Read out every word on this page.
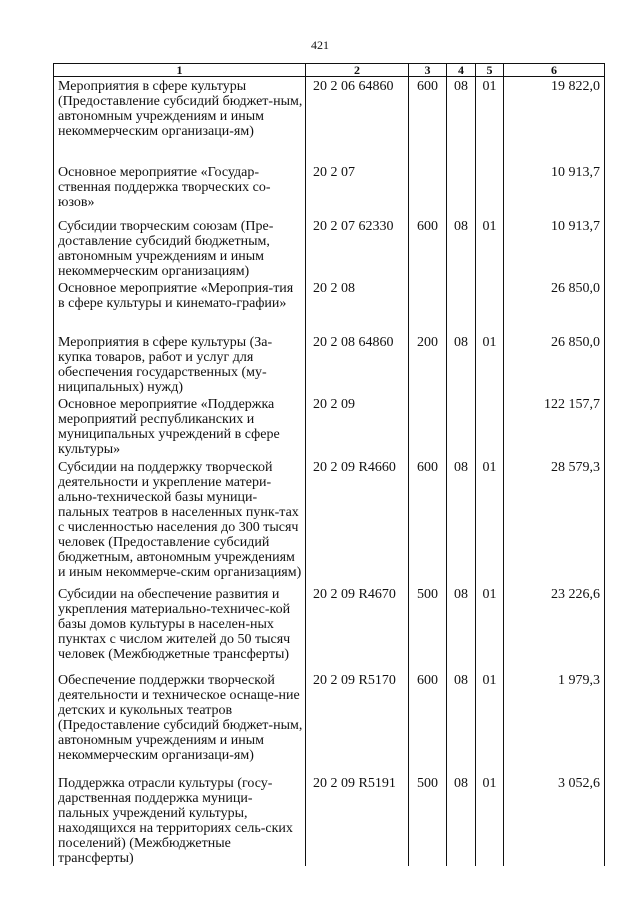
421
1	2	3	4	5	6
Мероприятия в сфере культуры (Предоставление субсидий бюджет-ным, автономным учреждениям и иным некоммерческим организаци-ям)	20 2 06 64860	600	08	01	19 822,0
Основное мероприятие «Государ-ственная поддержка творческих со-юзов»	20 2 07				10 913,7
Субсидии творческим союзам (Пре-доставление субсидий бюджетным, автономным учреждениям и иным некоммерческим организациям)	20 2 07 62330	600	08	01	10 913,7
Основное мероприятие «Мероприя-тия в сфере культуры и кинемато-графии»	20 2 08				26 850,0
Мероприятия в сфере культуры (За-купка товаров, работ и услуг для обеспечения государственных (му-ниципальных) нужд)	20 2 08 64860	200	08	01	26 850,0
Основное мероприятие «Поддержка мероприятий республиканских и муниципальных учреждений в сфере культуры»	20 2 09				122 157,7
Субсидии на поддержку творческой деятельности и укрепление матери-ально-технической базы муници-пальных театров в населенных пунк-тах с численностью населения до 300 тысяч человек (Предоставление субсидий бюджетным, автономным учреждениям и иным некоммерче-ским организациям)	20 2 09 R4660	600	08	01	28 579,3
Субсидии на обеспечение развития и укрепления материально-техничес-кой базы домов культуры в населен-ных пунктах с числом жителей до 50 тысяч человек (Межбюджетные трансферты)	20 2 09 R4670	500	08	01	23 226,6
Обеспечение поддержки творческой деятельности и техническое оснаще-ние детских и кукольных театров (Предоставление субсидий бюджет-ным, автономным учреждениям и иным некоммерческим организаци-ям)	20 2 09 R5170	600	08	01	1 979,3
Поддержка отрасли культуры (госу-дарственная поддержка муници-пальных учреждений культуры, находящихся на территориях сель-ских поселений) (Межбюджетные трансферты)	20 2 09 R5191	500	08	01	3 052,6
